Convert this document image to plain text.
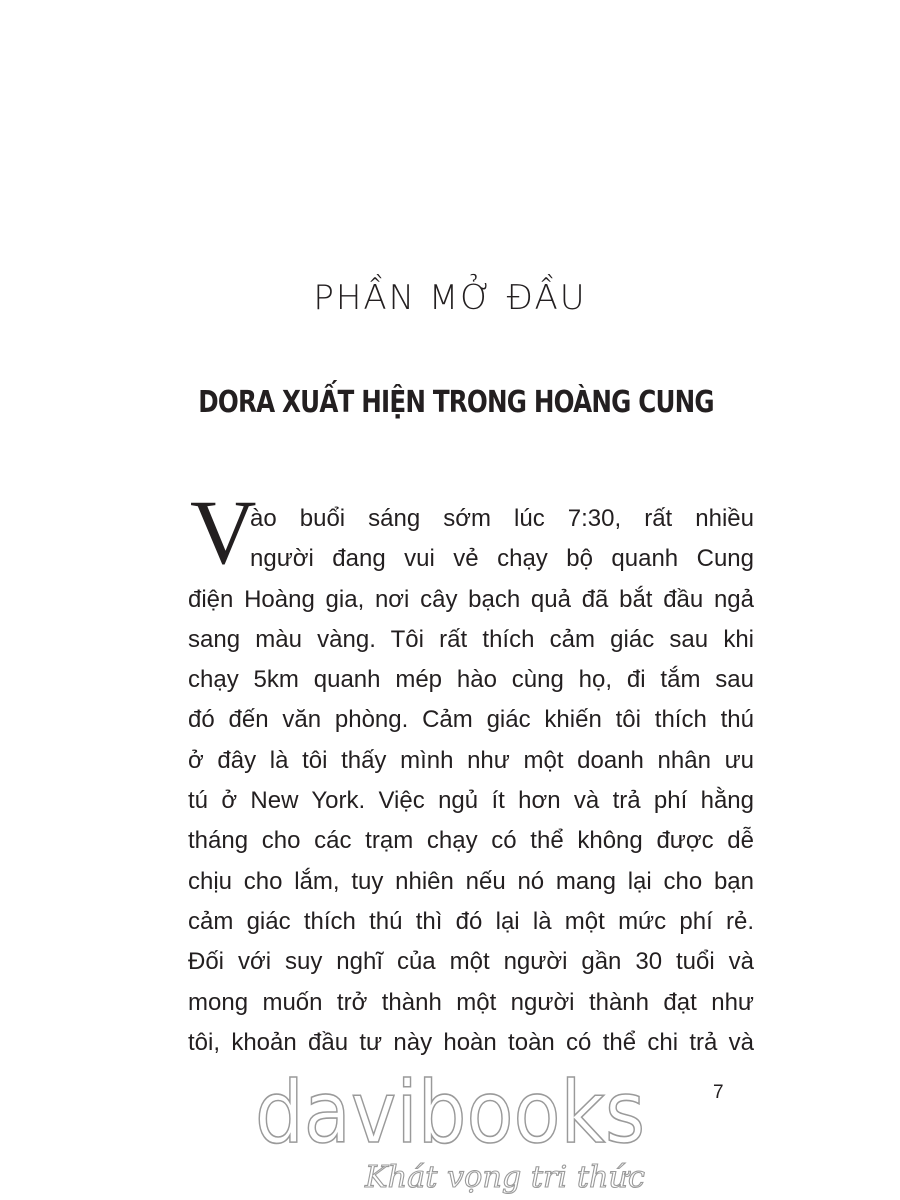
PHẦN MỞ ĐẦU
DORA XUẤT HIỆN TRONG HOÀNG CUNG
V
ào buổi sáng sớm lúc 7:30, rất nhiều
người đang vui vẻ chạy bộ quanh Cung
điện Hoàng gia, nơi cây bạch quả đã bắt đầu ngả
sang màu vàng. Tôi rất thích cảm giác sau khi
chạy 5km quanh mép hào cùng họ, đi tắm sau
đó đến văn phòng. Cảm giác khiến tôi thích thú
ở đây là tôi thấy mình như một doanh nhân ưu
tú ở New York. Việc ngủ ít hơn và trả phí hằng
tháng cho các trạm chạy có thể không được dễ
chịu cho lắm, tuy nhiên nếu nó mang lại cho bạn
cảm giác thích thú thì đó lại là một mức phí rẻ.
Đối với suy nghĩ của một người gần 30 tuổi và
mong muốn trở thành một người thành đạt như
tôi, khoản đầu tư này hoàn toàn có thể chi trả và
7
davibooks
Khát vọng tri thức
